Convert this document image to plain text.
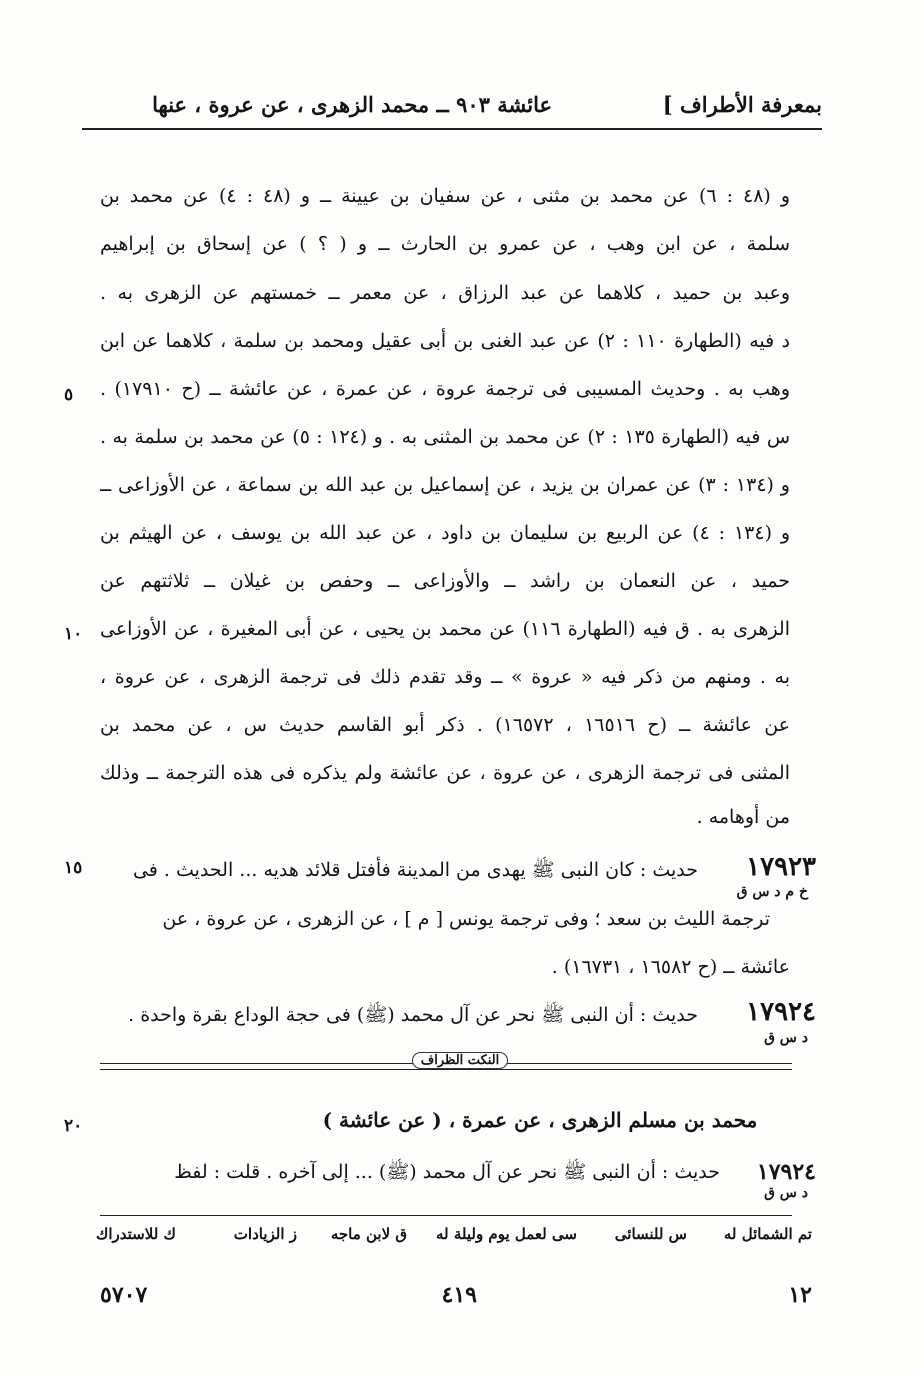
بمعرفة الأطراف ]
عائشة ٩٠٣ ــ محمد الزهرى ، عن عروة ، عنها
و (٤٨ : ٦) عن محمد بن مثنى ، عن سفيان بن عيينة ــ و (٤٨ : ٤) عن محمد بن
سلمة ، عن ابن وهب ، عن عمرو بن الحارث ــ و ( ؟ ) عن إسحاق بن إبراهيم
وعبد بن حميد ، كلاهما عن عبد الرزاق ، عن معمر ــ خمستهم عن الزهرى به .
د فيه (الطهارة ١١٠ : ٢) عن عبد الغنى بن أبى عقيل ومحمد بن سلمة ، كلاهما عن ابن
وهب به . وحديث المسيبى فى ترجمة عروة ، عن عمرة ، عن عائشة ــ (ح ١٧٩١٠) .
س فيه (الطهارة ١٣٥ : ٢) عن محمد بن المثنى به . و (١٢٤ : ٥) عن محمد بن سلمة به .
و (١٣٤ : ٣) عن عمران بن يزيد ، عن إسماعيل بن عبد الله بن سماعة ، عن الأوزاعى ــ
و (١٣٤ : ٤) عن الربيع بن سليمان بن داود ، عن عبد الله بن يوسف ، عن الهيثم بن
حميد ، عن النعمان بن راشد ــ والأوزاعى ــ وحفص بن غيلان ــ ثلاثتهم عن
الزهرى به . ق فيه (الطهارة ١١٦) عن محمد بن يحيى ، عن أبى المغيرة ، عن الأوزاعى
به . ومنهم من ذكر فيه « عروة » ــ وقد تقدم ذلك فى ترجمة الزهرى ، عن عروة ،
عن عائشة ــ (ح ١٦٥١٦ ، ١٦٥٧٢) . ذكر أبو القاسم حديث س ، عن محمد بن
المثنى فى ترجمة الزهرى ، عن عروة ، عن عائشة ولم يذكره فى هذه الترجمة ــ وذلك
من أوهامه .
٥
١٠
١٥
٢٠
١٧٩٢٣
حديث : كان النبى ﷺ يهدى من المدينة فأفتل قلائد هديه ... الحديث . فى
خ م د س ق
ترجمة الليث بن سعد ؛ وفى ترجمة يونس [ م ] ، عن الزهرى ، عن عروة ، عن
عائشة ــ (ح ١٦٥٨٢ ، ١٦٧٣١) .
١٧٩٢٤
حديث : أن النبى ﷺ نحر عن آل محمد (ﷺ) فى حجة الوداع بقرة واحدة .
د س ق
النكت الظراف
محمد بن مسلم الزهرى ، عن عمرة ، ( عن عائشة )
١٧٩٢٤
حديث : أن النبى ﷺ نحر عن آل محمد (ﷺ) ... إلى آخره . قلت : لفظ
د س ق
تم الشمائل له
س للنسائى
سى لعمل يوم وليلة له
ق لابن ماجه
ز الزيادات
ك للاستدراك
١٢
٤١٩
٥٧٠٧
